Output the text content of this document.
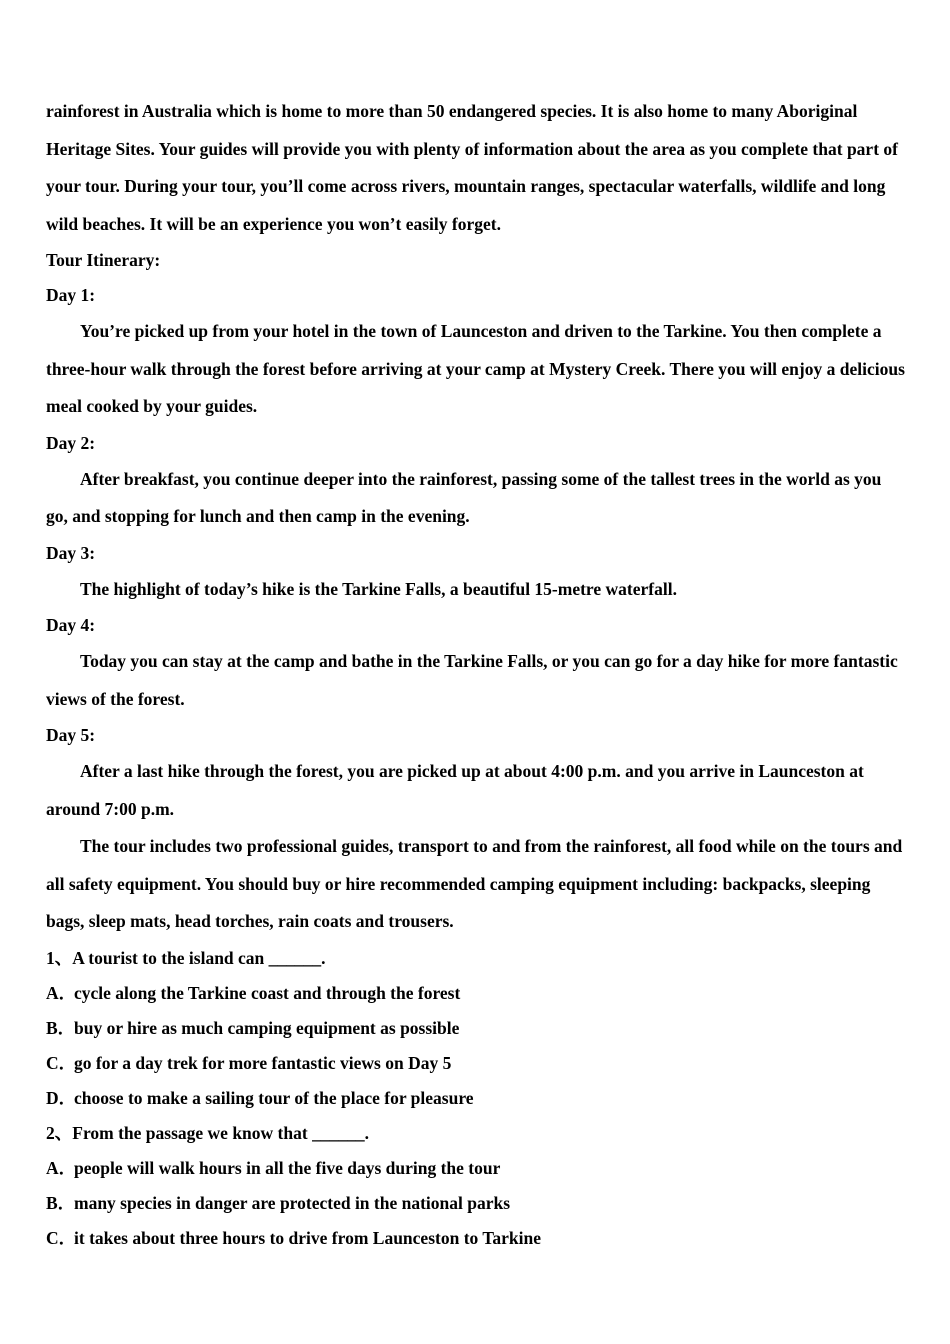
rainforest in Australia which is home to more than 50 endangered species. It is also home to many Aboriginal Heritage Sites. Your guides will provide you with plenty of information about the area as you complete that part of your tour. During your tour, you’ll come across rivers, mountain ranges, spectacular waterfalls, wildlife and long wild beaches. It will be an experience you won’t easily forget.

Tour Itinerary:

Day 1:

You’re picked up from your hotel in the town of Launceston and driven to the Tarkine. You then complete a three-hour walk through the forest before arriving at your camp at Mystery Creek. There you will enjoy a delicious meal cooked by your guides.

Day 2:

After breakfast, you continue deeper into the rainforest, passing some of the tallest trees in the world as you go, and stopping for lunch and then camp in the evening.

Day 3:

The highlight of today’s hike is the Tarkine Falls, a beautiful 15-metre waterfall.

Day 4:

Today you can stay at the camp and bathe in the Tarkine Falls, or you can go for a day hike for more fantastic views of the forest.

Day 5:

After a last hike through the forest, you are picked up at about 4:00 p.m. and you arrive in Launceston at around 7:00 p.m.

The tour includes two professional guides, transport to and from the rainforest, all food while on the tours and all safety equipment. You should buy or hire recommended camping equipment including: backpacks, sleeping bags, sleep mats, head torches, rain coats and trousers.

1、A tourist to the island can ______.

A．cycle along the Tarkine coast and through the forest

B．buy or hire as much camping equipment as possible

C．go for a day trek for more fantastic views on Day 5

D．choose to make a sailing tour of the place for pleasure

2、From the passage we know that ______.

A．people will walk hours in all the five days during the tour

B．many species in danger are protected in the national parks

C．it takes about three hours to drive from Launceston to Tarkine
